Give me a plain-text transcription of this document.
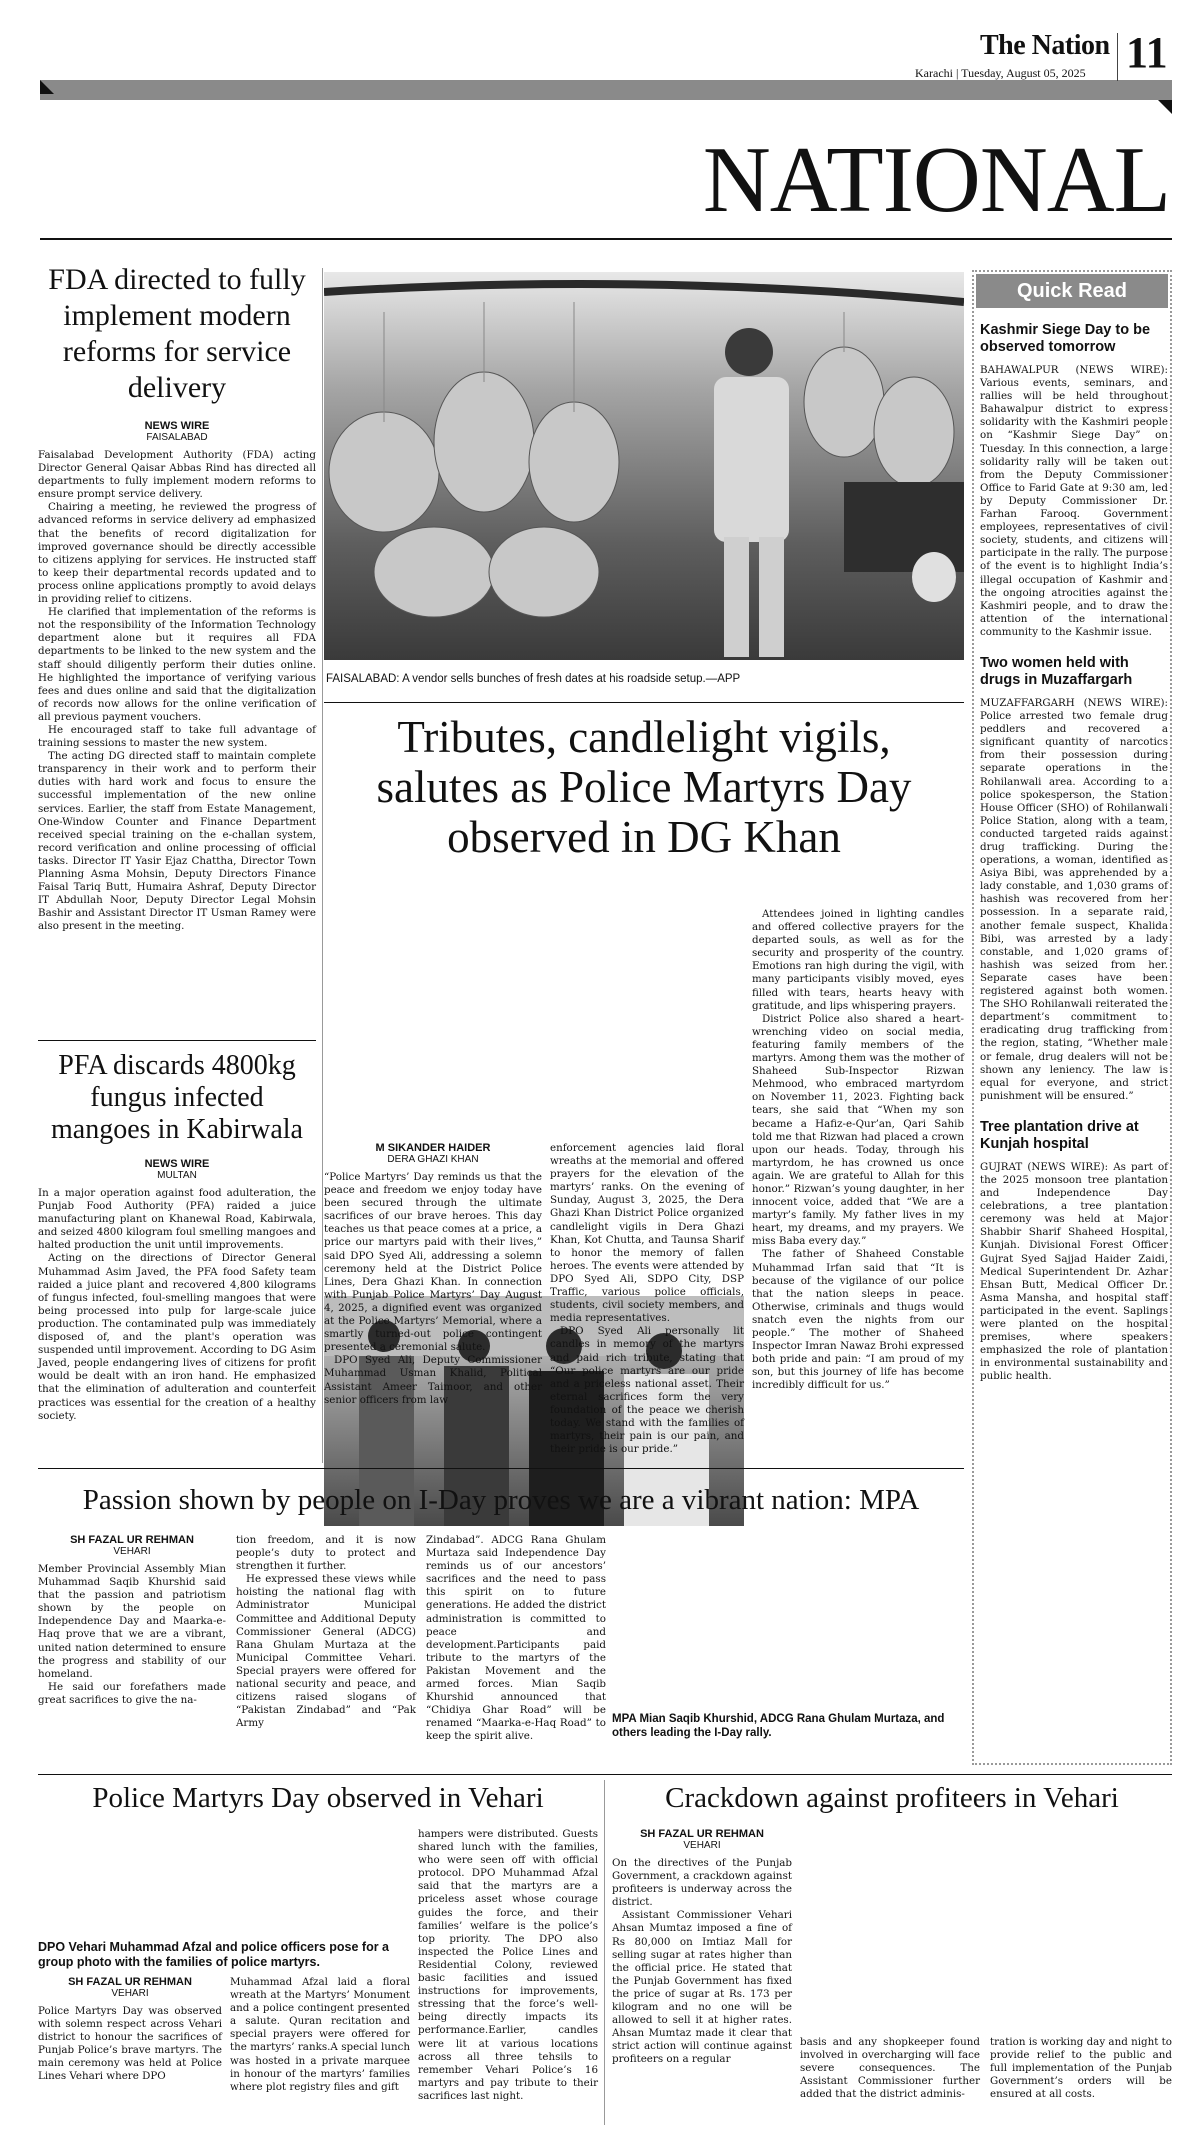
The Nation
Karachi | Tuesday, August 05, 2025 11
NATIONAL
FDA directed to fully implement modern reforms for service delivery
NEWS WIRE
FAISALABAD

Faisalabad Development Authority (FDA) acting Director General Qaisar Abbas Rind has directed all departments to fully implement modern reforms to ensure prompt service delivery.

Chairing a meeting, he reviewed the progress of advanced reforms in service delivery ad emphasized that the benefits of record digitalization for improved governance should be directly accessible to citizens applying for services. He instructed staff to keep their departmental records updated and to process online applications promptly to avoid delays in providing relief to citizens.

He clarified that implementation of the reforms is not the responsibility of the Information Technology department alone but it requires all FDA departments to be linked to the new system and the staff should diligently perform their duties online. He highlighted the importance of verifying various fees and dues online and said that the digitalization of records now allows for the online verification of all previous payment vouchers.

He encouraged staff to take full advantage of training sessions to master the new system.

The acting DG directed staff to maintain complete transparency in their work and to perform their duties with hard work and focus to ensure the successful implementation of the new online services. Earlier, the staff from Estate Management, One-Window Counter and Finance Department received special training on the e-challan system, record verification and online processing of official tasks. Director IT Yasir Ejaz Chattha, Director Town Planning Asma Mohsin, Deputy Directors Finance Faisal Tariq Butt, Humaira Ashraf, Deputy Director IT Abdullah Noor, Deputy Director Legal Mohsin Bashir and Assistant Director IT Usman Ramey were also present in the meeting.

PFA discards 4800kg fungus infected mangoes in Kabirwala
NEWS WIRE
MULTAN

In a major operation against food adulteration, the Punjab Food Authority (PFA) raided a juice manufacturing plant on Khanewal Road, Kabirwala, and seized 4800 kilogram foul smelling mangoes and halted production the unit until improvements.

Acting on the directions of Director General Muhammad Asim Javed, the PFA food Safety team raided a juice plant and recovered 4,800 kilograms of fungus infected, foul-smelling mangoes that were being processed into pulp for large-scale juice production. The contaminated pulp was immediately disposed of, and the plant's operation was suspended until improvement. According to DG Asim Javed, people endangering lives of citizens for profit would be dealt with an iron hand. He emphasized that the elimination of adulteration and counterfeit practices was essential for the creation of a healthy society.

FAISALABAD: A vendor sells bunches of fresh dates at his roadside setup.—APP
Tributes, candlelight vigils, salutes as Police Martyrs Day observed in DG Khan
M SIKANDER HAIDER
DERA GHAZI KHAN

“Police Martyrs’ Day reminds us that the peace and freedom we enjoy today have been secured through the ultimate sacrifices of our brave heroes. This day teaches us that peace comes at a price, a price our martyrs paid with their lives,” said DPO Syed Ali, addressing a solemn ceremony held at the District Police Lines, Dera Ghazi Khan. In connection with Punjab Police Martyrs’ Day August 4, 2025, a dignified event was organized at the Police Martyrs’ Memorial, where a smartly turned-out police contingent presented a ceremonial salute.

DPO Syed Ali, Deputy Commissioner Muhammad Usman Khalid, Political Assistant Ameer Taimoor, and other senior officers from law

enforcement agencies laid floral wreaths at the memorial and offered prayers for the elevation of the martyrs’ ranks. On the evening of Sunday, August 3, 2025, the Dera Ghazi Khan District Police organized candlelight vigils in Dera Ghazi Khan, Kot Chutta, and Taunsa Sharif to honor the memory of fallen heroes. The events were attended by DPO Syed Ali, SDPO City, DSP Traffic, various police officials, students, civil society members, and media representatives.

DPO Syed Ali personally lit candles in memory of the martyrs and paid rich tribute, stating that “Our police martyrs are our pride and a priceless national asset. Their eternal sacrifices form the very foundation of the peace we cherish today. We stand with the families of martyrs, their pain is our pain, and their pride is our pride.”

Attendees joined in lighting candles and offered collective prayers for the departed souls, as well as for the security and prosperity of the country. Emotions ran high during the vigil, with many participants visibly moved, eyes filled with tears, hearts heavy with gratitude, and lips whispering prayers.

District Police also shared a heart-wrenching video on social media, featuring family members of the martyrs. Among them was the mother of Shaheed Sub-Inspector Rizwan Mehmood, who embraced martyrdom on November 11, 2023. Fighting back tears, she said that “When my son became a Hafiz-e-Qur’an, Qari Sahib told me that Rizwan had placed a crown upon our heads. Today, through his martyrdom, he has crowned us once again. We are grateful to Allah for this honor.” Rizwan’s young daughter, in her innocent voice, added that “We are a martyr’s family. My father lives in my heart, my dreams, and my prayers. We miss Baba every day.”

The father of Shaheed Constable Muhammad Irfan said that “It is because of the vigilance of our police that the nation sleeps in peace. Otherwise, criminals and thugs would snatch even the nights from our people.” The mother of Shaheed Inspector Imran Nawaz Brohi expressed both pride and pain: “I am proud of my son, but this journey of life has become incredibly difficult for us.”

Quick Read
Kashmir Siege Day to be observed tomorrow

BAHAWALPUR (NEWS WIRE): Various events, seminars, and rallies will be held throughout Bahawalpur district to express solidarity with the Kashmiri people on “Kashmir Siege Day” on Tuesday. In this connection, a large solidarity rally will be taken out from the Deputy Commissioner Office to Farid Gate at 9:30 am, led by Deputy Commissioner Dr. Farhan Farooq. Government employees, representatives of civil society, students, and citizens will participate in the rally. The purpose of the event is to highlight India’s illegal occupation of Kashmir and the ongoing atrocities against the Kashmiri people, and to draw the attention of the international community to the Kashmir issue.

Two women held with drugs in Muzaffargarh

MUZAFFARGARH (NEWS WIRE): Police arrested two female drug peddlers and recovered a significant quantity of narcotics from their possession during separate operations in the Rohilanwali area. According to a police spokesperson, the Station House Officer (SHO) of Rohilanwali Police Station, along with a team, conducted targeted raids against drug trafficking. During the operations, a woman, identified as Asiya Bibi, was apprehended by a lady constable, and 1,030 grams of hashish was recovered from her possession. In a separate raid, another female suspect, Khalida Bibi, was arrested by a lady constable, and 1,020 grams of hashish was seized from her. Separate cases have been registered against both women. The SHO Rohilanwali reiterated the department’s commitment to eradicating drug trafficking from the region, stating, “Whether male or female, drug dealers will not be shown any leniency. The law is equal for everyone, and strict punishment will be ensured.”

Tree plantation drive at Kunjah hospital

GUJRAT (NEWS WIRE): As part of the 2025 monsoon tree plantation and Independence Day celebrations, a tree plantation ceremony was held at Major Shabbir Sharif Shaheed Hospital, Kunjah. Divisional Forest Officer Gujrat Syed Sajjad Haider Zaidi, Medical Superintendent Dr. Azhar Ehsan Butt, Medical Officer Dr. Asma Mansha, and hospital staff participated in the event. Saplings were planted on the hospital premises, where speakers emphasized the role of plantation in environmental sustainability and public health.

Passion shown by people on I-Day proves we are a vibrant nation: MPA
SH FAZAL UR REHMAN
VEHARI

Member Provincial Assembly Mian Muhammad Saqib Khurshid said that the passion and patriotism shown by the people on Independence Day and Maarka-e-Haq prove that we are a vibrant, united nation determined to ensure the progress and stability of our homeland.

He said our forefathers made great sacrifices to give the na-

tion freedom, and it is now people’s duty to protect and strengthen it further.

He expressed these views while hoisting the national flag with Administrator Municipal Committee and Additional Deputy Commissioner General (ADCG) Rana Ghulam Murtaza at the Municipal Committee Vehari. Special prayers were offered for national security and peace, and citizens raised slogans of “Pakistan Zindabad” and “Pak Army

Zindabad”. ADCG Rana Ghulam Murtaza said Independence Day reminds us of our ancestors’ sacrifices and the need to pass this spirit on to future generations. He added the district administration is committed to peace and development.Participants paid tribute to the martyrs of the Pakistan Movement and the armed forces. Mian Saqib Khurshid announced that “Chidiya Ghar Road” will be renamed “Maarka-e-Haq Road” to keep the spirit alive.

MPA Mian Saqib Khurshid, ADCG Rana Ghulam Murtaza, and others leading the I-Day rally.
Police Martyrs Day observed in Vehari	Crackdown against profiteers in Vehari
DPO Vehari Muhammad Afzal and police officers pose for a group photo with the families of police martyrs.
SH FAZAL UR REHMAN
VEHARI

Police Martyrs Day was observed with solemn respect across Vehari district to honour the sacrifices of Punjab Police’s brave martyrs. The main ceremony was held at Police Lines Vehari where DPO

Muhammad Afzal laid a floral wreath at the Martyrs’ Monument and a police contingent presented a salute. Quran recitation and special prayers were offered for the martyrs’ ranks.A special lunch was hosted in a private marquee in honour of the martyrs’ families where plot registry files and gift

hampers were distributed. Guests shared lunch with the families, who were seen off with official protocol. DPO Muhammad Afzal said that the martyrs are a priceless asset whose courage guides the force, and their families’ welfare is the police’s top priority. The DPO also inspected the Police Lines and Residential Colony, reviewed basic facilities and issued instructions for improvements, stressing that the force’s well-being directly impacts its performance.Earlier, candles were lit at various locations across all three tehsils to remember Vehari Police’s 16 martyrs and pay tribute to their sacrifices last night.

SH FAZAL UR REHMAN
VEHARI

On the directives of the Punjab Government, a crackdown against profiteers is underway across the district.

Assistant Commissioner Vehari Ahsan Mumtaz imposed a fine of Rs 80,000 on Imtiaz Mall for selling sugar at rates higher than the official price. He stated that the Punjab Government has fixed the price of sugar at Rs. 173 per kilogram and no one will be allowed to sell it at higher rates. Ahsan Mumtaz made it clear that strict action will continue against profiteers on a regular

basis and any shopkeeper found involved in overcharging will face severe consequences. The Assistant Commissioner further added that the district adminis-

tration is working day and night to provide relief to the public and full implementation of the Punjab Government’s orders will be ensured at all costs.
